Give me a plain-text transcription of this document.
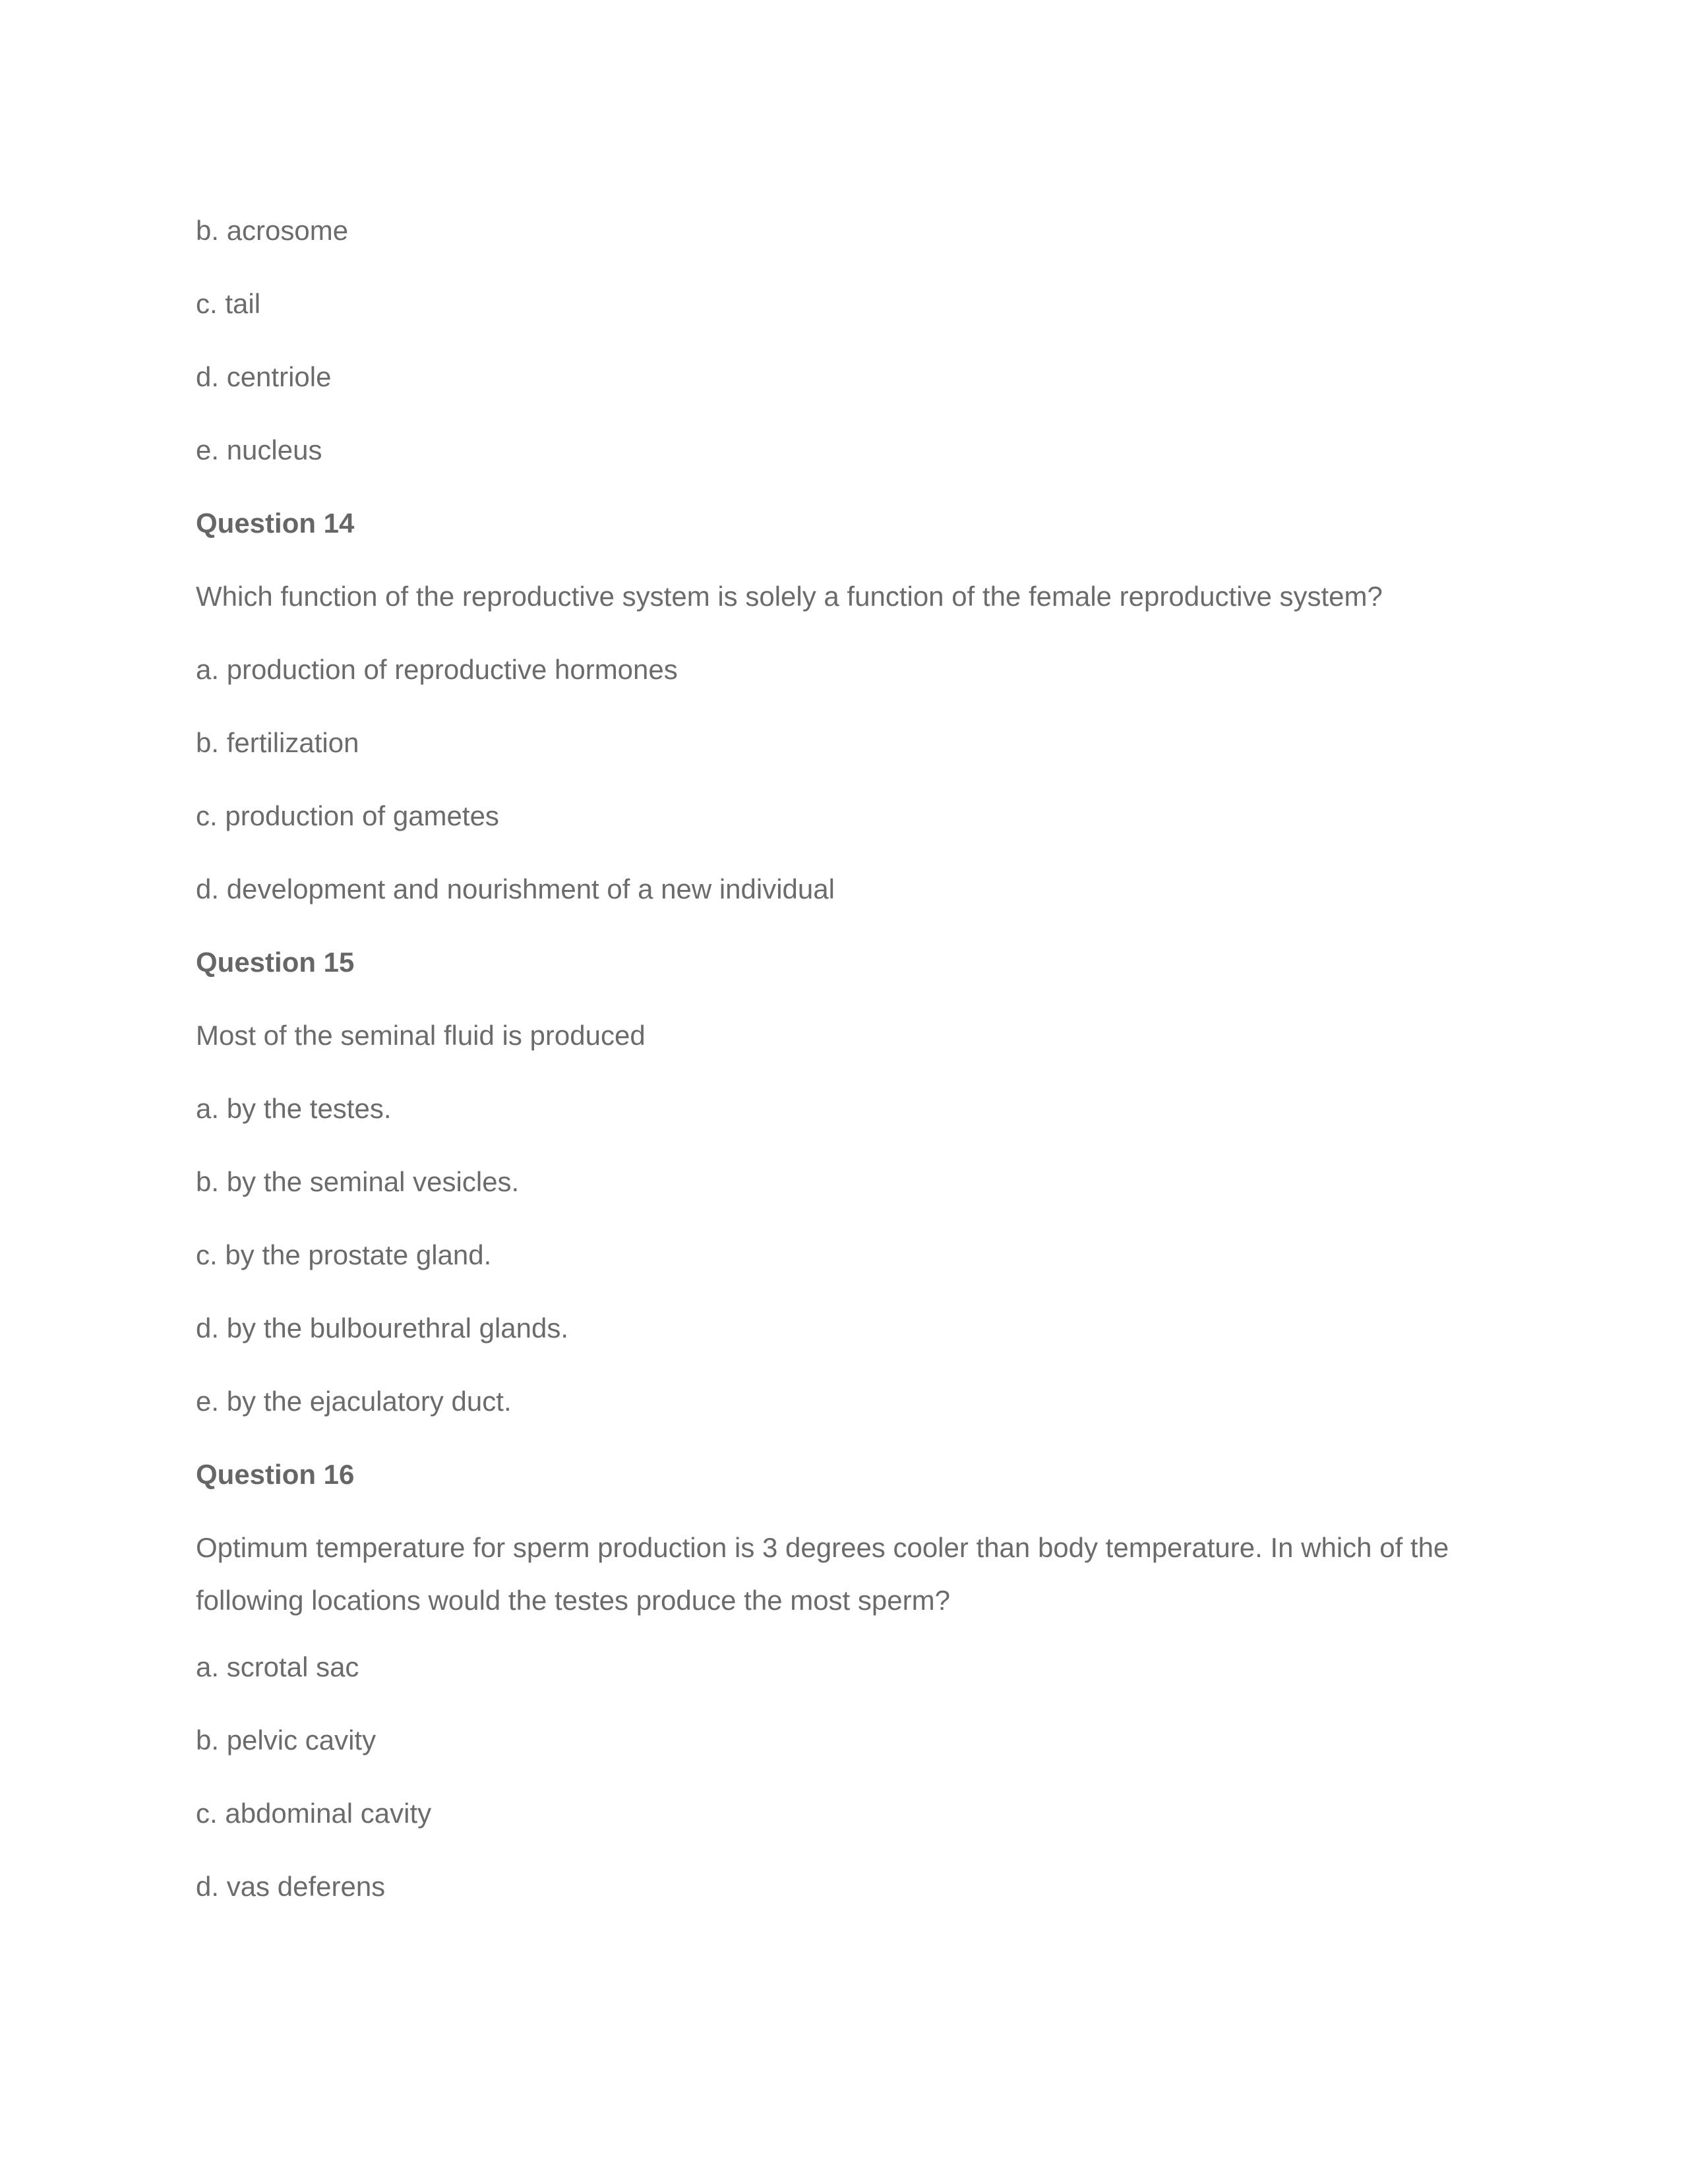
b. acrosome
c. tail
d. centriole
e. nucleus
Question 14
Which function of the reproductive system is solely a function of the female reproductive system?
a. production of reproductive hormones
b. fertilization
c. production of gametes
d. development and nourishment of a new individual
Question 15
Most of the seminal fluid is produced
a. by the testes.
b. by the seminal vesicles.
c. by the prostate gland.
d. by the bulbourethral glands.
e. by the ejaculatory duct.
Question 16
Optimum temperature for sperm production is 3 degrees cooler than body temperature. In which of the following locations would the testes produce the most sperm?
a. scrotal sac
b. pelvic cavity
c. abdominal cavity
d. vas deferens
